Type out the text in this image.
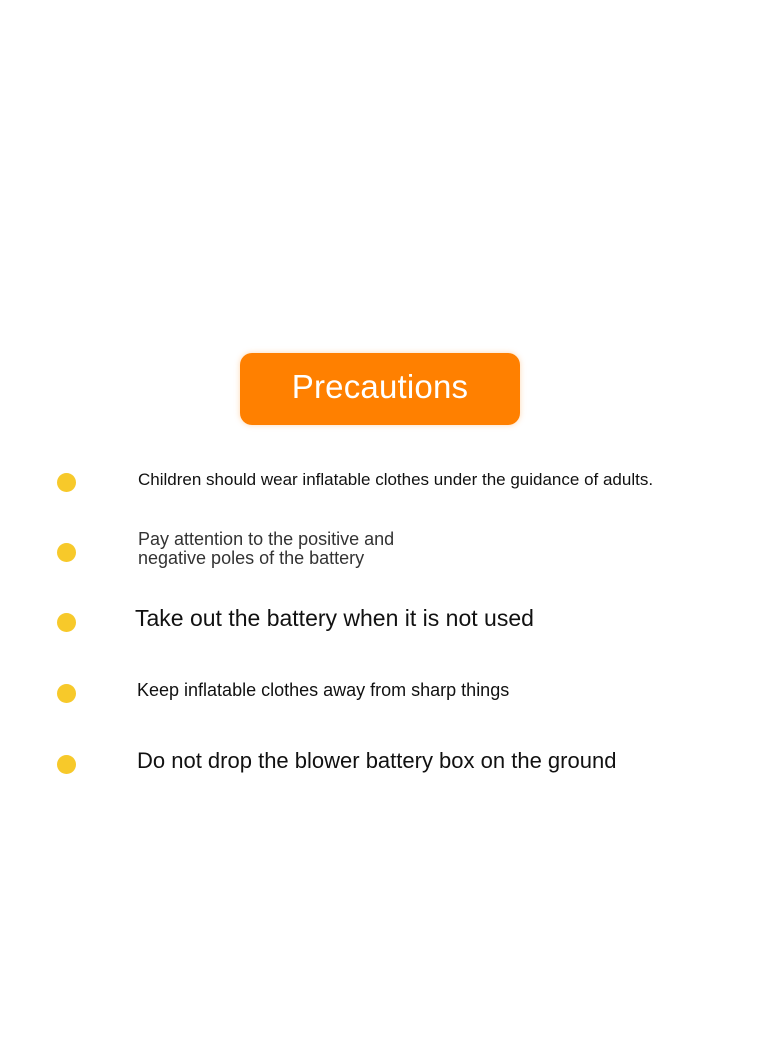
Precautions
Children should wear inflatable clothes under the guidance of adults.
Pay attention to the positive and
negative poles of the battery
Take out the battery when it is not used
Keep inflatable clothes away from sharp things
Do not drop the blower battery box on the ground
